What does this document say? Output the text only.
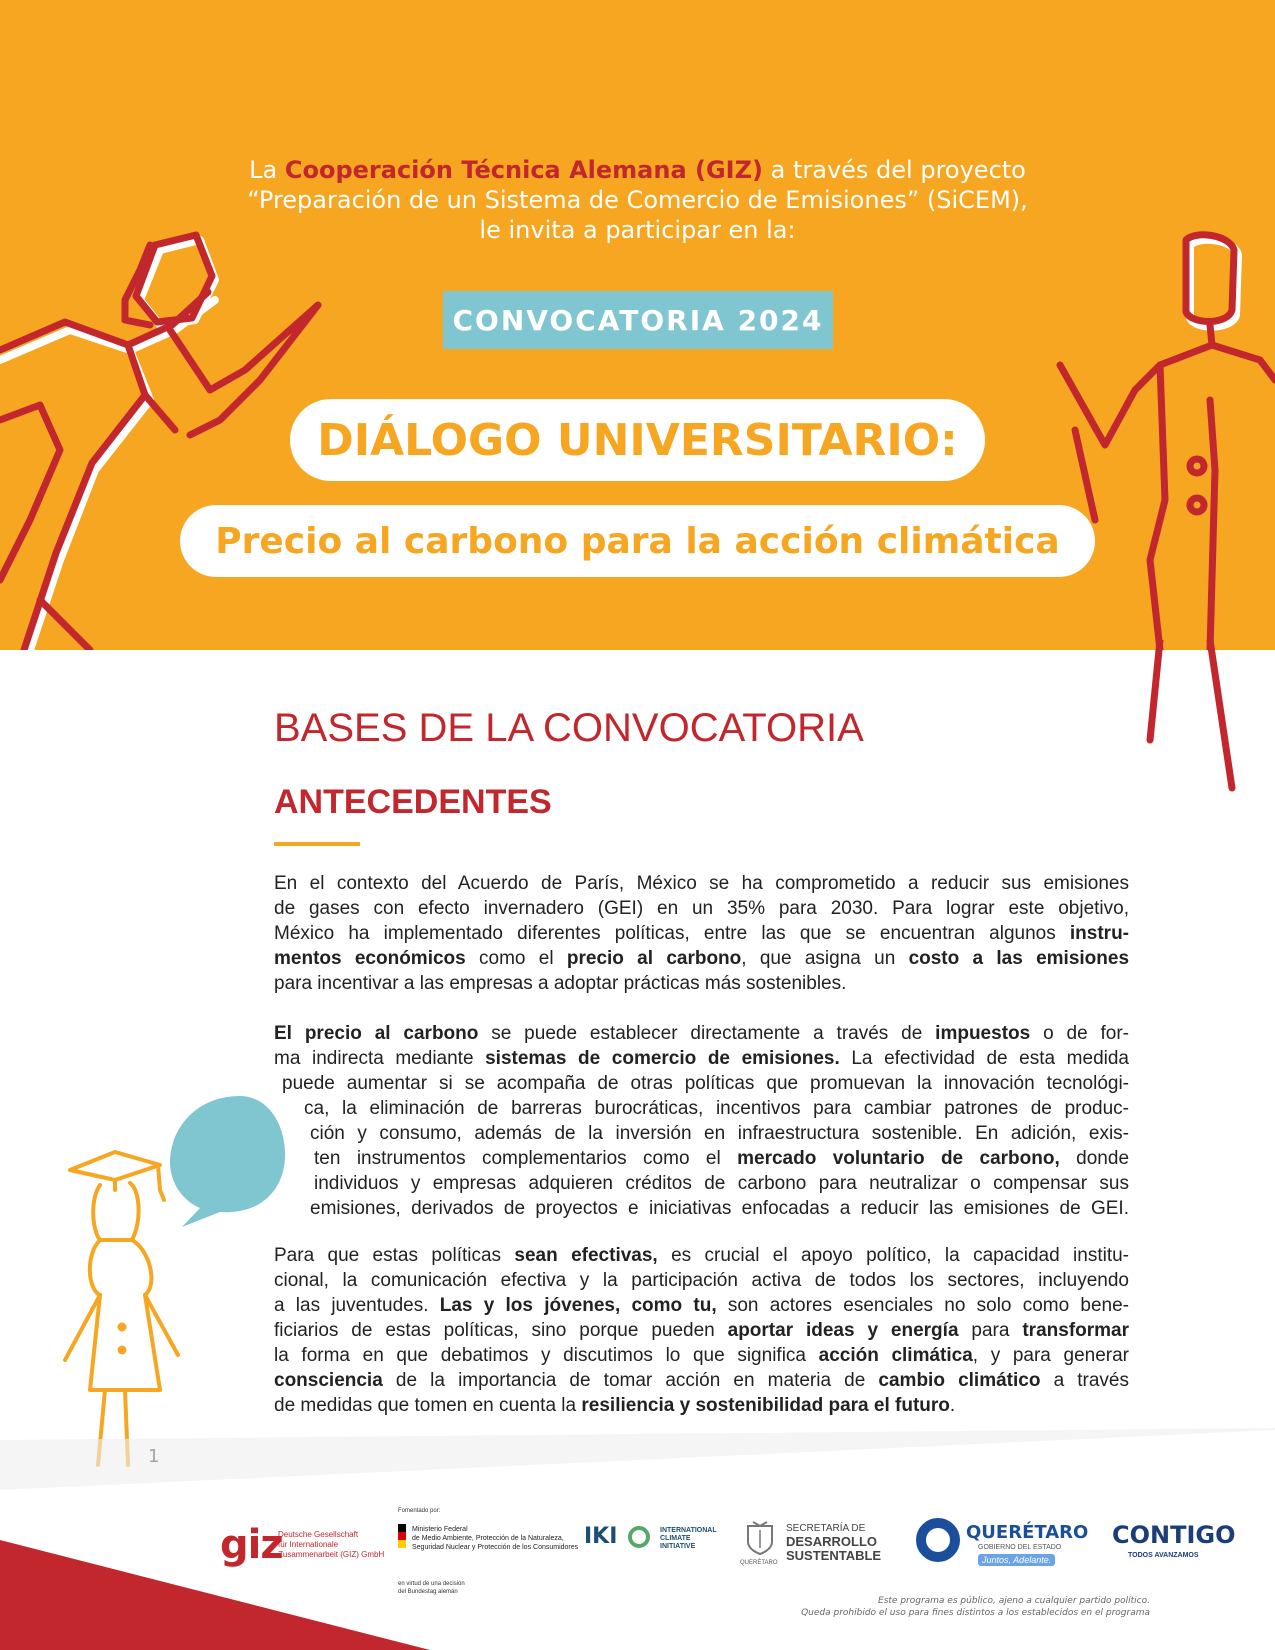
La Cooperación Técnica Alemana (GIZ) a través del proyecto
“Preparación de un Sistema de Comercio de Emisiones” (SiCEM),
le invita a participar en la:
CONVOCATORIA 2024
DIÁLOGO UNIVERSITARIO:
Precio al carbono para la acción climática
BASES DE LA CONVOCATORIA
ANTECEDENTES
En el contexto del Acuerdo de París, México se ha comprometido a reducir sus emisiones
de gases con efecto invernadero (GEI) en un 35% para 2030. Para lograr este objetivo,
México ha implementado diferentes políticas, entre las que se encuentran algunos instru-
mentos económicos como el precio al carbono, que asigna un costo a las emisiones
para incentivar a las empresas a adoptar prácticas más sostenibles.
El precio al carbono se puede establecer directamente a través de impuestos o de for-
ma indirecta mediante sistemas de comercio de emisiones. La efectividad de esta medida
puede aumentar si se acompaña de otras políticas que promuevan la innovación tecnológi-
ca, la eliminación de barreras burocráticas, incentivos para cambiar patrones de produc-
ción y consumo, además de la inversión en infraestructura sostenible. En adición, exis-
ten instrumentos complementarios como el mercado voluntario de carbono, donde
individuos y empresas adquieren créditos de carbono para neutralizar o compensar sus
emisiones, derivados de proyectos e iniciativas enfocadas a reducir las emisiones de GEI.
Para que estas políticas sean efectivas, es crucial el apoyo político, la capacidad institu-
cional, la comunicación efectiva y la participación activa de todos los sectores, incluyendo
a las juventudes. Las y los jóvenes, como tu, son actores esenciales no solo como bene-
ficiarios de estas políticas, sino porque pueden aportar ideas y energía para transformar
la forma en que debatimos y discutimos lo que significa acción climática, y para generar
consciencia de la importancia de tomar acción en materia de cambio climático a través
de medidas que tomen en cuenta la resiliencia y sostenibilidad para el futuro.
giz
Deutsche Gesellschaft
für Internationale
Zusammenarbeit (GIZ) GmbH
Fomentado por:
Ministerio Federal
de Medio Ambiente, Protección de la Naturaleza,
Seguridad Nuclear y Protección de los Consumidores
en virtud de una decisión
del Bundestag alemán
IKI	INTERNATIONAL
CLIMATE
INITIATIVE
QUERÉTARO
SECRETARÍA DE
DESARROLLO
SUSTENTABLE
QUERÉTARO
GOBIERNO DEL ESTADO
Juntos, Adelante.
CONTIGO
TODOS AVANZAMOS
Este programa es público, ajeno a cualquier partido político.
Queda prohibido el uso para fines distintos a los establecidos en el programa
